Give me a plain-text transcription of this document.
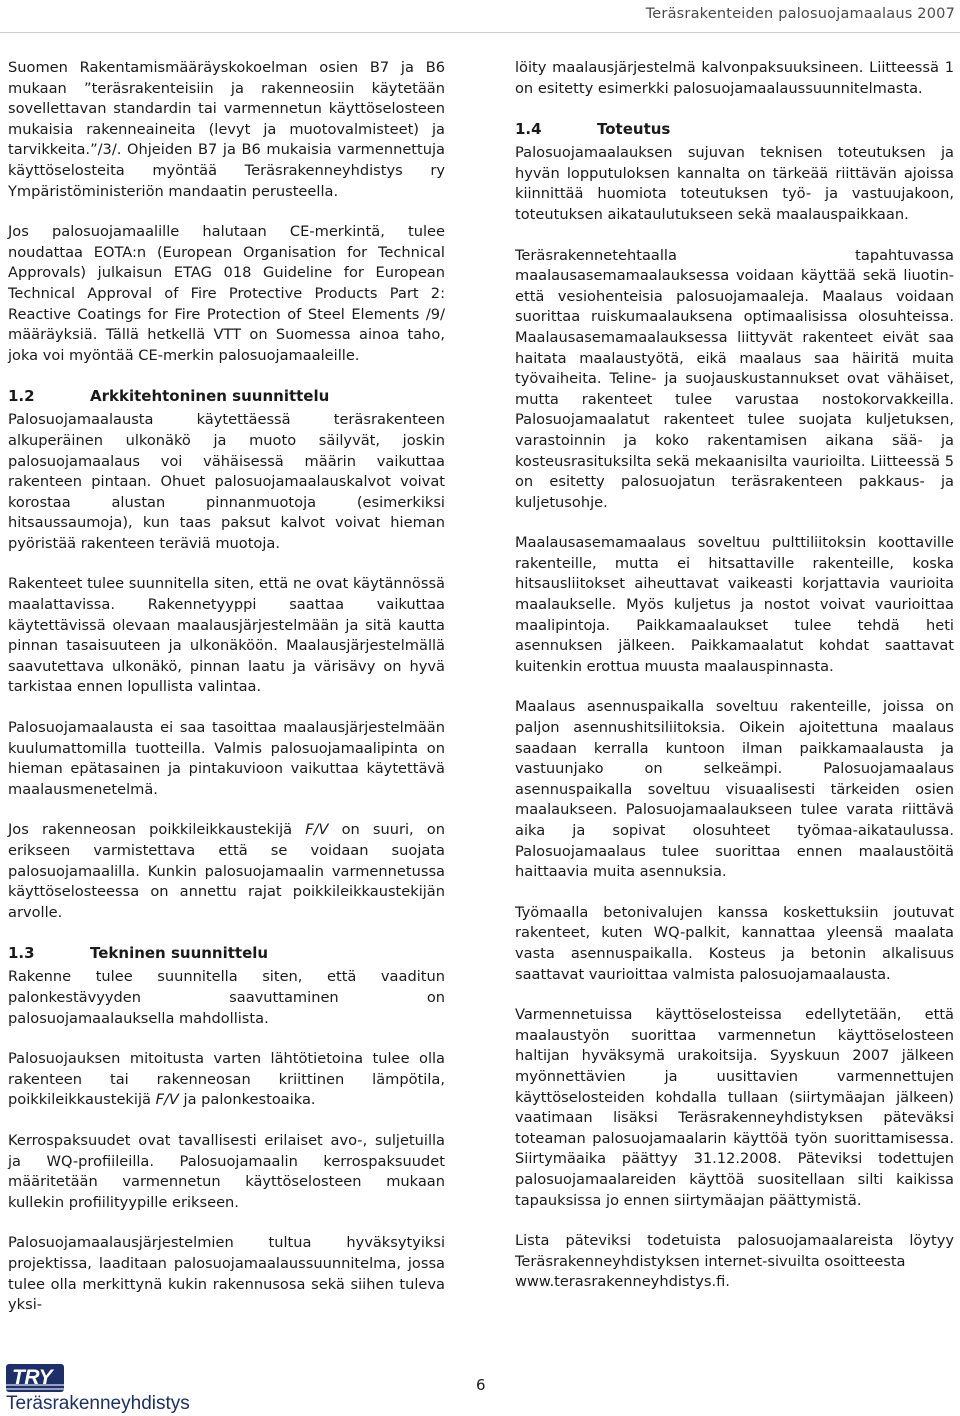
Teräsrakenteiden palosuojamaalaus 2007

Suomen Rakentamismääräyskokoelman osien B7 ja B6 mukaan ”teräsrakenteisiin ja rakenneosiin käytetään sovellettavan standardin tai varmennetun käyttöselosteen mukaisia rakenneaineita (levyt ja muotovalmisteet) ja tarvikkeita.”/3/. Ohjeiden B7 ja B6 mukaisia varmennettuja käyttöselosteita myöntää Teräsrakenneyhdistys ry Ympäristöministeriön mandaatin perusteella.

Jos palosuojamaalille halutaan CE-merkintä, tulee noudattaa EOTA:n (European Organisation for Technical Approvals) julkaisun ETAG 018 Guideline for European Technical Approval of Fire Protective Products Part 2: Reactive Coatings for Fire Protection of Steel Elements /9/ määräyksiä. Tällä hetkellä VTT on Suomessa ainoa taho, joka voi myöntää CE-merkin palosuojamaaleille.

1.2	Arkkitehtoninen suunnittelu

Palosuojamaalausta käytettäessä teräsrakenteen alkuperäinen ulkonäkö ja muoto säilyvät, joskin palosuojamaalaus voi vähäisessä määrin vaikuttaa rakenteen pintaan. Ohuet palosuojamaalauskalvot voivat korostaa alustan pinnanmuotoja (esimerkiksi hitsaussaumoja), kun taas paksut kalvot voivat hieman pyöristää rakenteen teräviä muotoja.

Rakenteet tulee suunnitella siten, että ne ovat käytännössä maalattavissa. Rakennetyyppi saattaa vaikuttaa käytettävissä olevaan maalausjärjestelmään ja sitä kautta pinnan tasaisuuteen ja ulkonäköön. Maalausjärjestelmällä saavutettava ulkonäkö, pinnan laatu ja värisävy on hyvä tarkistaa ennen lopullista valintaa.

Palosuojamaalausta ei saa tasoittaa maalausjärjestelmään kuulumattomilla tuotteilla. Valmis palosuojamaalipinta on hieman epätasainen ja pintakuvioon vaikuttaa käytettävä maalausmenetelmä.

Jos rakenneosan poikkileikkaustekijä F/V on suuri, on erikseen varmistettava että se voidaan suojata palosuojamaalilla. Kunkin palosuojamaalin varmennetussa käyttöselosteessa on annettu rajat poikkileikkaustekijän arvolle.

1.3	Tekninen suunnittelu

Rakenne tulee suunnitella siten, että vaaditun palonkestävyyden saavuttaminen on palosuojamaalauksella mahdollista.

Palosuojauksen mitoitusta varten lähtötietoina tulee olla rakenteen tai rakenneosan kriittinen lämpötila, poikkileikkaustekijä F/V ja palonkestoaika.

Kerrospaksuudet ovat tavallisesti erilaiset avo-, suljetuilla ja WQ-profiileilla. Palosuojamaalin kerrospaksuudet määritetään varmennetun käyttöselosteen mukaan kullekin profiilityypille erikseen.

Palosuojamaalausjärjestelmien tultua hyväksytyiksi projektissa, laaditaan palosuojamaalaussuunnitelma, jossa tulee olla merkittynä kukin rakennusosa sekä siihen tuleva yksi-

löity maalausjärjestelmä kalvonpaksuuksineen. Liitteessä 1 on esitetty esimerkki palosuojamaalaussuunnitelmasta.

1.4	Toteutus

Palosuojamaalauksen sujuvan teknisen toteutuksen ja hyvän lopputuloksen kannalta on tärkeää riittävän ajoissa kiinnittää huomiota toteutuksen työ- ja vastuujakoon, toteutuksen aikataulutukseen sekä maalauspaikkaan.

Teräsrakennetehtaalla tapahtuvassa maalausasemamaalauksessa voidaan käyttää sekä liuotin- että vesiohenteisia palosuojamaaleja. Maalaus voidaan suorittaa ruiskumaalauksena optimaalisissa olosuhteissa. Maalausasemamaalauksessa liittyvät rakenteet eivät saa haitata maalaustyötä, eikä maalaus saa häiritä muita työvaiheita. Teline- ja suojauskustannukset ovat vähäiset, mutta rakenteet tulee varustaa nostokorvakkeilla. Palosuojamaalatut rakenteet tulee suojata kuljetuksen, varastoinnin ja koko rakentamisen aikana sää- ja kosteusrasituksilta sekä mekaanisilta vaurioilta. Liitteessä 5 on esitetty palosuojatun teräsrakenteen pakkaus- ja kuljetusohje.

Maalausasemamaalaus soveltuu pulttiliitoksin koottaville rakenteille, mutta ei hitsattaville rakenteille, koska hitsausliitokset aiheuttavat vaikeasti korjattavia vaurioita maalaukselle. Myös kuljetus ja nostot voivat vaurioittaa maalipintoja. Paikkamaalaukset tulee tehdä heti asennuksen jälkeen. Paikkamaalatut kohdat saattavat kuitenkin erottua muusta maalauspinnasta.

Maalaus asennuspaikalla soveltuu rakenteille, joissa on paljon asennushitsiliitoksia. Oikein ajoitettuna maalaus saadaan kerralla kuntoon ilman paikkamaalausta ja vastuunjako on selkeämpi. Palosuojamaalaus asennuspaikalla soveltuu visuaalisesti tärkeiden osien maalaukseen. Palosuojamaalaukseen tulee varata riittävä aika ja sopivat olosuhteet työmaa-aikataulussa. Palosuojamaalaus tulee suorittaa ennen maalaustöitä haittaavia muita asennuksia.

Työmaalla betonivalujen kanssa koskettuksiin joutuvat rakenteet, kuten WQ-palkit, kannattaa yleensä maalata vasta asennuspaikalla. Kosteus ja betonin alkalisuus saattavat vaurioittaa valmista palosuojamaalausta.

Varmennetuissa käyttöselosteissa edellytetään, että maalaustyön suorittaa varmennetun käyttöselosteen haltijan hyväksymä urakoitsija. Syyskuun 2007 jälkeen myönnettävien ja uusittavien varmennettujen käyttöselosteiden kohdalla tullaan (siirtymäajan jälkeen) vaatimaan lisäksi Teräsrakenneyhdistyksen päteväksi toteaman palosuojamaalarin käyttöä työn suorittamisessa. Siirtymäaika päättyy 31.12.2008. Päteviksi todettujen palosuojamaalareiden käyttöä suositellaan silti kaikissa tapauksissa jo ennen siirtymäajan päättymistä.

Lista päteviksi todetuista palosuojamaalareista löytyy Teräsrakenneyhdistyksen internet-sivuilta osoitteesta

www.terasrakenneyhdistys.fi.

TRY
Teräsrakenneyhdistys
6
